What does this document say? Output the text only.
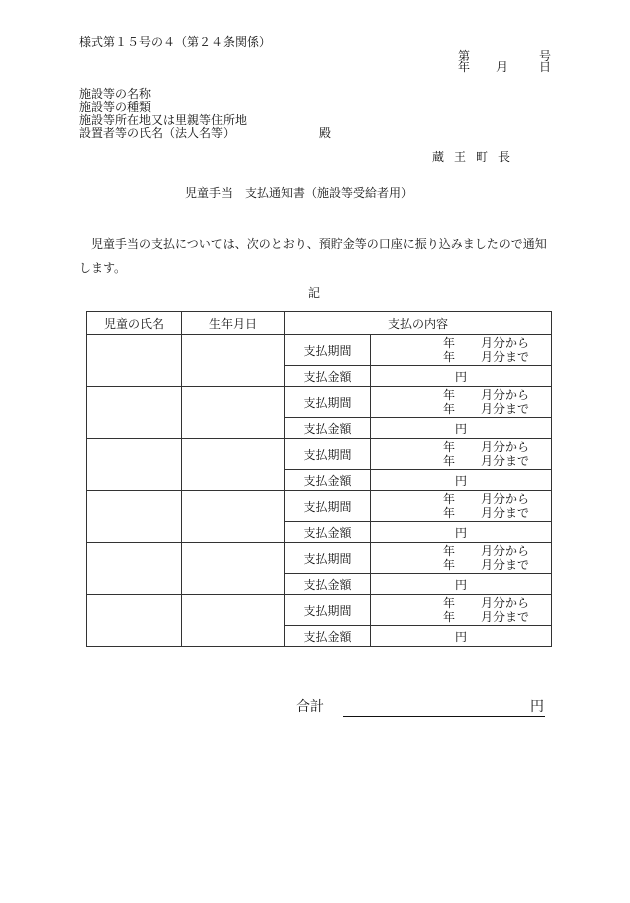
様式第１５号の４（第２４条関係）
第	号
年 月	日
施設等の名称
施設等の種類
施設等所在地又は里親等住所地
設置者等の氏名（法人名等）	殿
蔵王町長
児童手当　支払通知書（施設等受給者用）
児童手当の支払については、次のとおり、預貯金等の口座に振り込みましたので通知します。
記
児童の氏名	生年月日	支払の内容	
		支払期間	年 月分から
年 月分まで

		支払金額	円
		支払期間	年 月分から
年 月分まで

		支払金額	円
		支払期間	年 月分から
年 月分まで

		支払金額	円
		支払期間	年 月分から
年 月分まで

		支払金額	円
		支払期間	年 月分から
年 月分まで

		支払金額	円
		支払期間	年 月分から
年 月分まで

		支払金額	円
合計	円
